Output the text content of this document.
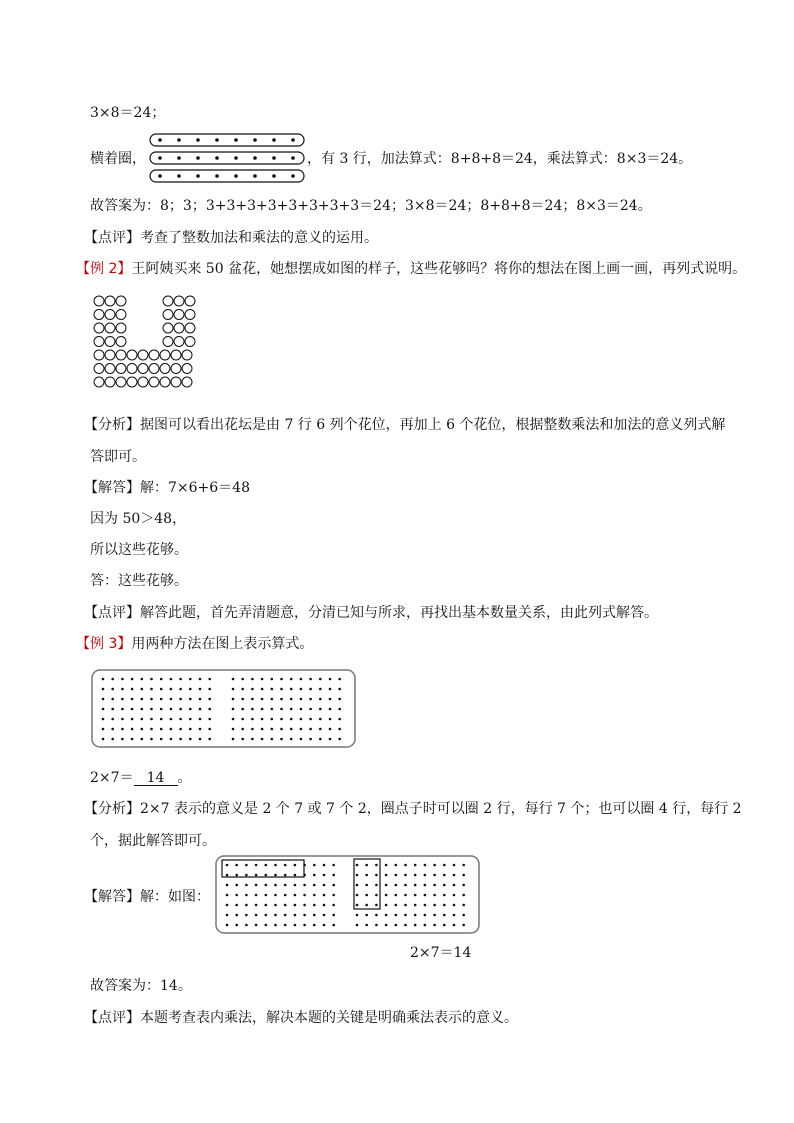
3×8＝24；
横着圈，	，有 3 行，加法算式：8+8+8＝24，乘法算式：8×3＝24。
故答案为：8；3；3+3+3+3+3+3+3+3＝24；3×8＝24；8+8+8＝24；8×3＝24。
【点评】考查了整数加法和乘法的意义的运用。
【例 2】王阿姨买来 50 盆花，她想摆成如图的样子，这些花够吗？将你的想法在图上画一画，再列式说明。
【分析】据图可以看出花坛是由 7 行 6 列个花位，再加上 6 个花位，根据整数乘法和加法的意义列式解
答即可。
【解答】解：7×6+6＝48
因为 50＞48，
所以这些花够。
答：这些花够。
【点评】解答此题，首先弄清题意，分清已知与所求，再找出基本数量关系，由此列式解答。
【例 3】用两种方法在图上表示算式。
2×7＝ 14 。
【分析】2×7 表示的意义是 2 个 7 或 7 个 2，圈点子时可以圈 2 行，每行 7 个；也可以圈 4 行，每行 2
个，据此解答即可。
【解答】解：如图：
2×7＝14
故答案为：14。
【点评】本题考查表内乘法，解决本题的关键是明确乘法表示的意义。
